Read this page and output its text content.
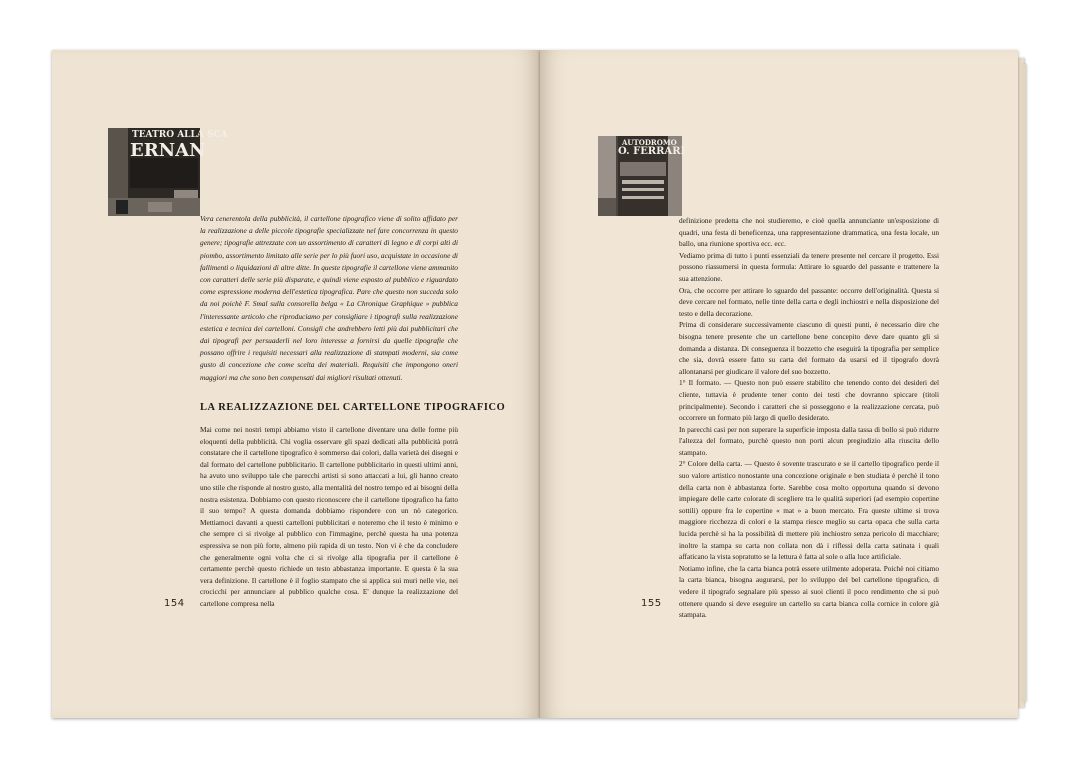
TEATRO ALLA SCA
ERNAN
Vera cenerentola della pubblicità, il cartellone tipografico viene di solito affidato per la realizzazione a delle piccole tipografie specializzate nel fare concorrenza in questo genere; tipografie attrezzate con un assortimento di caratteri di legno e di corpi alti di piombo, assortimento limitato alle serie per lo più fuori uso, acquistate in occasione di fallimenti o liquidazioni di altre ditte. In queste tipografie il cartellone viene ammanito con caratteri delle serie più disparate, e quindi viene esposto al pubblico e riguardato come espressione moderna dell'estetica tipografica. Pare che questo non succeda solo da noi poichè F. Smal sulla consorella belga « La Chronique Graphique » pubblica l'interessante articolo che riproduciamo per consigliare i tipografi sulla realizzazione estetica e tecnica dei cartelloni. Consigli che andrebbero letti più dai pubblicitari che dai tipografi per persuaderli nel loro interesse a fornirsi da quelle tipografie che possano offrire i requisiti necessari alla realizzazione di stampati moderni, sia come gusto di concezione che come scelta dei materiali. Requisiti che impongono oneri maggiori ma che sono ben compensati dai migliori risultati ottenuti.
LA REALIZZAZIONE DEL CARTELLONE TIPOGRAFICO
Mai come nei nostri tempi abbiamo visto il cartellone diventare una delle forme più eloquenti della pubblicità. Chi voglia osservare gli spazi dedicati alla pubblicità potrà constatare che il cartellone tipografico è sommerso dai colori, dalla varietà dei disegni e dal formato del cartellone pubblicitario. Il cartellone pubblicitario in questi ultimi anni, ha avuto uno sviluppo tale che parecchi artisti si sono attaccati a lui, gli hanno creato uno stile che risponde al nostro gusto, alla mentalità del nostro tempo ed ai bisogni della nostra esistenza. Dobbiamo con questo riconoscere che il cartellone tipografico ha fatto il suo tempo? A questa domanda dobbiamo rispondere con un nò categorico. Mettiamoci davanti a questi cartelloni pubblicitari e noteremo che il testo è minimo e che sempre ci si rivolge al pubblico con l'immagine, perchè questa ha una potenza espressiva se non più forte, almeno più rapida di un testo. Non vi è che da concludere che generalmente ogni volta che ci si rivolge alla tipografia per il cartellone è certamente perchè questo richiede un testo abbastanza importante. E questa è la sua vera definizione. Il cartellone è il foglio stampato che si applica sui muri nelle vie, nei crocicchi per annunciare al pubblico qualche cosa. E' dunque la realizzazione del cartellone compresa nella
154
AUTODROMO
O. FERRARI

definizione predetta che noi studieremo, e cioè quella annunciante un'esposizione di quadri, una festa di beneficenza, una rappresentazione drammatica, una festa locale, un ballo, una riunione sportiva ecc. ecc.

Vediamo prima di tutto i punti essenziali da tenere presente nel cercare il progetto. Essi possono riassumersi in questa formula: Attirare lo sguardo del passante e trattenere la sua attenzione.

Ora, che occorre per attirare lo sguardo del passante: occorre dell'originalità. Questa si deve cercare nel formato, nelle tinte della carta e degli inchiostri e nella disposizione del testo e della decorazione.

Prima di considerare successivamente ciascuno di questi punti, è necessario dire che bisogna tenere presente che un cartellone bene concepito deve dare quanto gli si domanda a distanza. Di conseguenza il bozzetto che eseguirà la tipografia per semplice che sia, dovrà essere fatto su carta del formato da usarsi ed il tipografo dovrà allontanarsi per giudicare il valore del suo bozzetto.

1° Il formato. — Questo non può essere stabilito che tenendo conto dei desideri del cliente, tuttavia è prudente tener conto dei testi che dovranno spiccare (titoli principalmente). Secondo i caratteri che si posseggono e la realizzazione cercata, può occorrere un formato più largo di quello desiderato.

In parecchi casi per non superare la superficie imposta dalla tassa di bollo si può ridurre l'altezza del formato, purchè questo non porti alcun pregiudizio alla riuscita dello stampato.

2° Colore della carta. — Questo è sovente trascurato e se il cartello tipografico perde il suo valore artistico nonostante una concezione originale e ben studiata è perchè il tono della carta non è abbastanza forte. Sarebbe cosa molto opportuna quando si devono impiegare delle carte colorate di scegliere tra le qualità superiori (ad esempio copertine sottili) oppure fra le copertine « mat » a buon mercato. Fra queste ultime si trova maggiore ricchezza di colori e la stampa riesce meglio su carta opaca che sulla carta lucida perchè si ha la possibilità di mettere più inchiostro senza pericolo di macchiare; inoltre la stampa su carta non collata non dà i riflessi della carta satinata i quali affaticano la vista sopratutto se la lettura è fatta al sole o alla luce artificiale.

Notiamo infine, che la carta bianca potrà essere utilmente adoperata. Poichè noi citiamo la carta bianca, bisogna augurarsi, per lo sviluppo del bel cartellone tipografico, di vedere il tipografo segnalare più spesso ai suoi clienti il poco rendimento che si può ottenere quando si deve eseguire un cartello su carta bianca colla cornice in colore già stampata.

155
